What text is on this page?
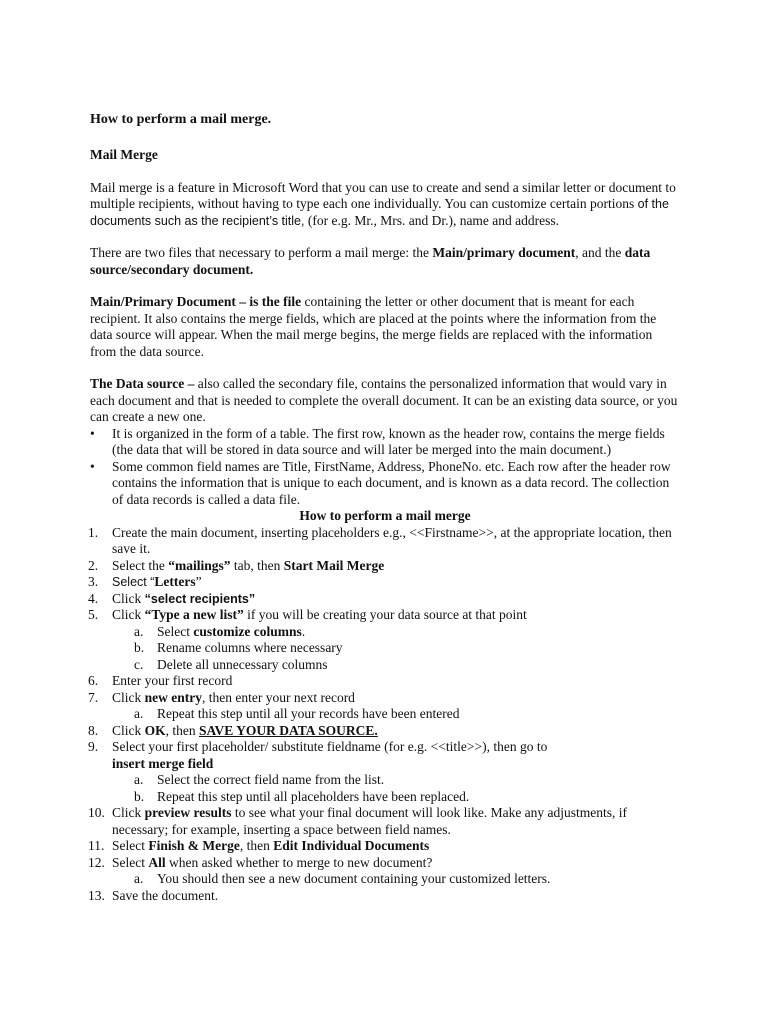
How to perform a mail merge.
Mail Merge

Mail merge is a feature in Microsoft Word that you can use to create and send a similar letter or document to multiple recipients, without having to type each one individually. You can customize certain portions of the documents such as the recipient’s title, (for e.g. Mr., Mrs. and Dr.), name and address.

There are two files that necessary to perform a mail merge: the Main/primary document, and the data source/secondary document.

Main/Primary Document – is the file containing the letter or other document that is meant for each recipient. It also contains the merge fields, which are placed at the points where the information from the data source will appear. When the mail merge begins, the merge fields are replaced with the information from the data source.

The Data source – also called the secondary file, contains the personalized information that would vary in each document and that is needed to complete the overall document. It can be an existing data source, or you can create a new one.

• It is organized in the form of a table. The first row, known as the header row, contains the merge fields (the data that will be stored in data source and will later be merged into the main document.)
• Some common field names are Title, FirstName, Address, PhoneNo. etc. Each row after the header row contains the information that is unique to each document, and is known as a data record. The collection of data records is called a data file.
How to perform a mail merge
1. Create the main document, inserting placeholders e.g., <<Firstname>>, at the appropriate location, then save it.
2. Select the “mailings” tab, then Start Mail Merge
3. Select “Letters”
4. Click “select recipients”
5. Click “Type a new list” if you will be creating your data source at that point
a. Select customize columns.
b. Rename columns where necessary
c. Delete all unnecessary columns
6. Enter your first record
7. Click new entry, then enter your next record
a. Repeat this step until all your records have been entered
8. Click OK, then SAVE YOUR DATA SOURCE.
9. Select your first placeholder/ substitute fieldname (for e.g. <<title>>), then go to
insert merge field
a. Select the correct field name from the list.
b. Repeat this step until all placeholders have been replaced.
10. Click preview results to see what your final document will look like. Make any adjustments, if necessary; for example, inserting a space between field names.
11. Select Finish & Merge, then Edit Individual Documents
12. Select All when asked whether to merge to new document?
a. You should then see a new document containing your customized letters.
13. Save the document.
